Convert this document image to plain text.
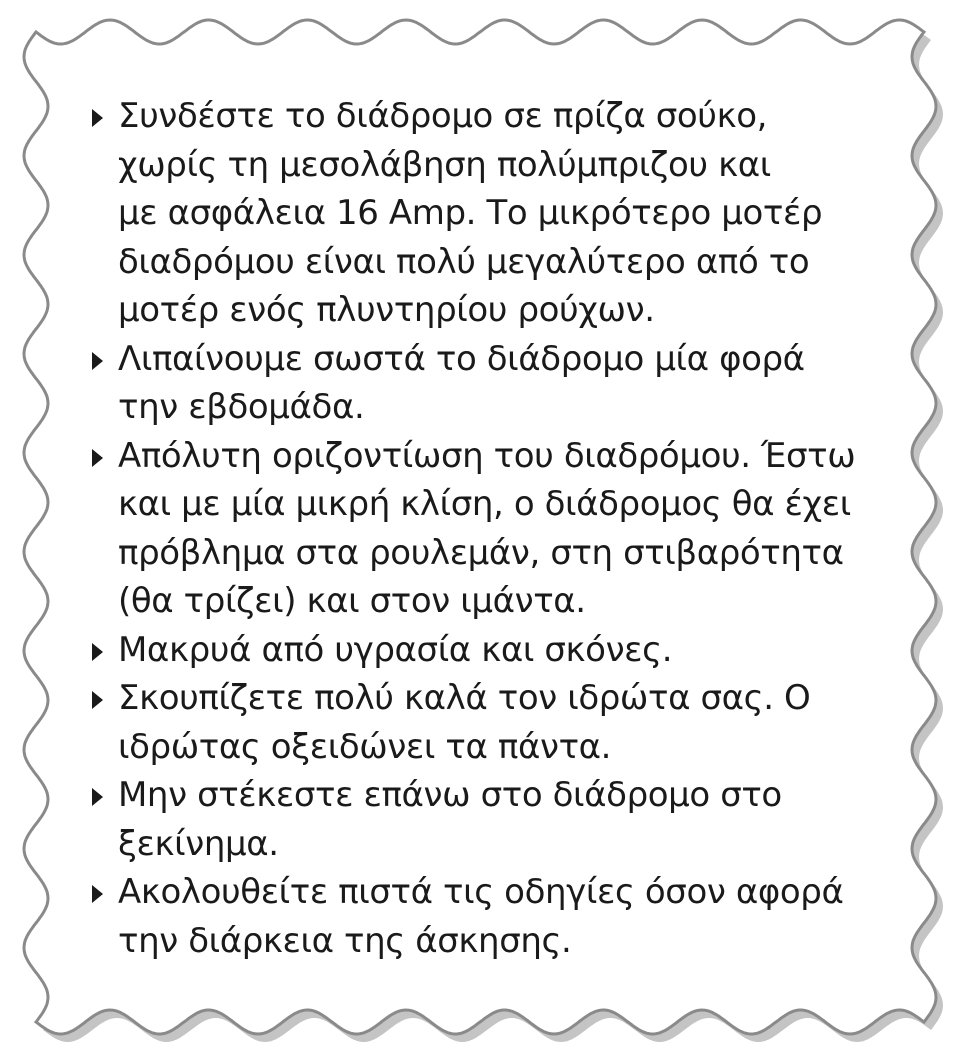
Συνδέστε το διάδρομο σε πρίζα σούκο,
χωρίς τη μεσολάβηση πολύμπριζου και
με ασφάλεια 16 Amp. Το μικρότερο μοτέρ
διαδρόμου είναι πολύ μεγαλύτερο από το
μοτέρ ενός πλυντηρίου ρούχων.
Λιπαίνουμε σωστά το διάδρομο μία φορά
την εβδομάδα.
Απόλυτη οριζοντίωση του διαδρόμου. Έστω
και με μία μικρή κλίση, ο διάδρομος θα έχει
πρόβλημα στα ρουλεμάν, στη στιβαρότητα
(θα τρίζει) και στον ιμάντα.
Μακρυά από υγρασία και σκόνες.
Σκουπίζετε πολύ καλά τον ιδρώτα σας. Ο
ιδρώτας οξειδώνει τα πάντα.
Μην στέκεστε επάνω στο διάδρομο στο
ξεκίνημα.
Ακολουθείτε πιστά τις οδηγίες όσον αφορά
την διάρκεια της άσκησης.
